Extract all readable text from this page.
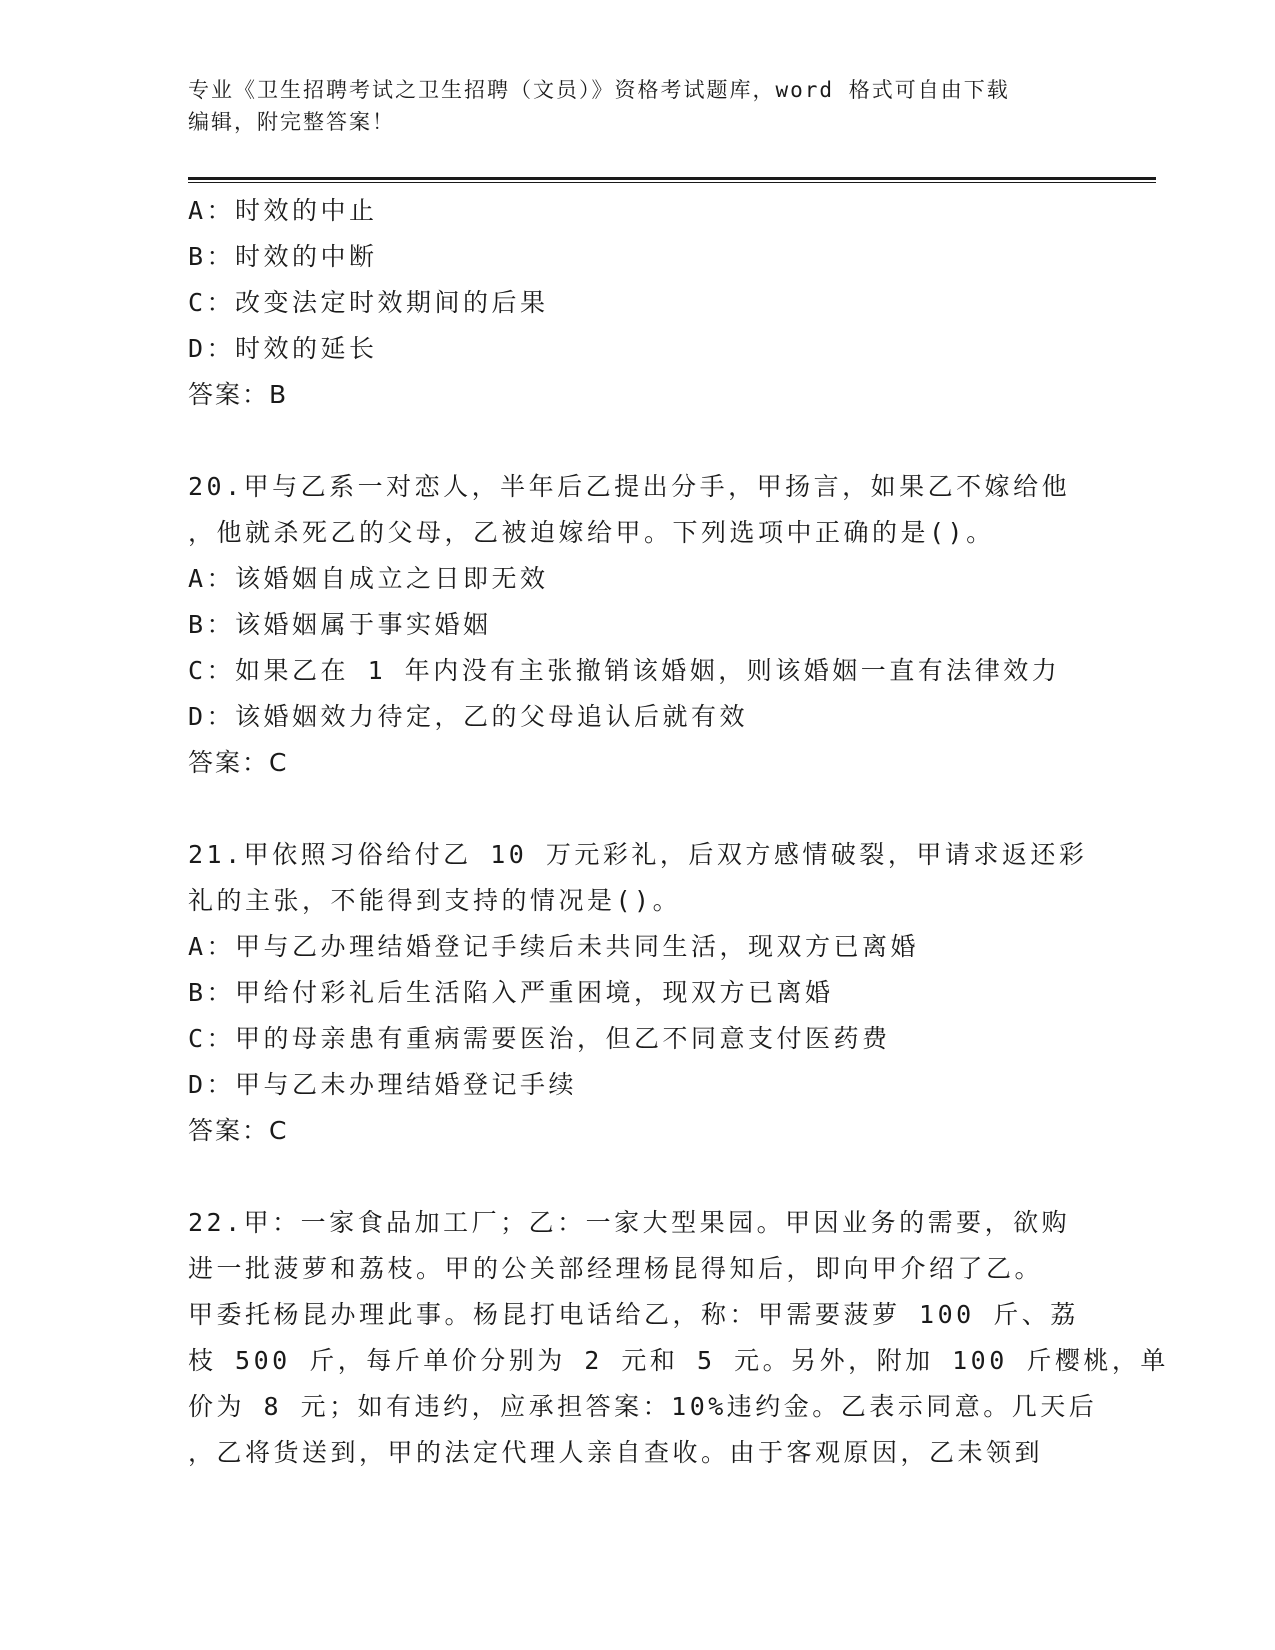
专业《卫生招聘考试之卫生招聘（文员）》资格考试题库，word 格式可自由下载
编辑，附完整答案！
A：时效的中止
B：时效的中断
C：改变法定时效期间的后果
D：时效的延长
答案：B
20.甲与乙系一对恋人，半年后乙提出分手，甲扬言，如果乙不嫁给他
，他就杀死乙的父母，乙被迫嫁给甲。下列选项中正确的是()。
A：该婚姻自成立之日即无效
B：该婚姻属于事实婚姻
C：如果乙在 1 年内没有主张撤销该婚姻，则该婚姻一直有法律效力
D：该婚姻效力待定，乙的父母追认后就有效
答案：C
21.甲依照习俗给付乙 10 万元彩礼，后双方感情破裂，甲请求返还彩
礼的主张，不能得到支持的情况是()。
A：甲与乙办理结婚登记手续后未共同生活，现双方已离婚
B：甲给付彩礼后生活陷入严重困境，现双方已离婚
C：甲的母亲患有重病需要医治，但乙不同意支付医药费
D：甲与乙未办理结婚登记手续
答案：C
22.甲：一家食品加工厂；乙：一家大型果园。甲因业务的需要，欲购
进一批菠萝和荔枝。甲的公关部经理杨昆得知后，即向甲介绍了乙。
甲委托杨昆办理此事。杨昆打电话给乙，称：甲需要菠萝 100 斤、荔
枝 500 斤，每斤单价分别为 2 元和 5 元。另外，附加 100 斤樱桃，单
价为 8 元；如有违约，应承担答案：10%违约金。乙表示同意。几天后
，乙将货送到，甲的法定代理人亲自查收。由于客观原因，乙未领到
